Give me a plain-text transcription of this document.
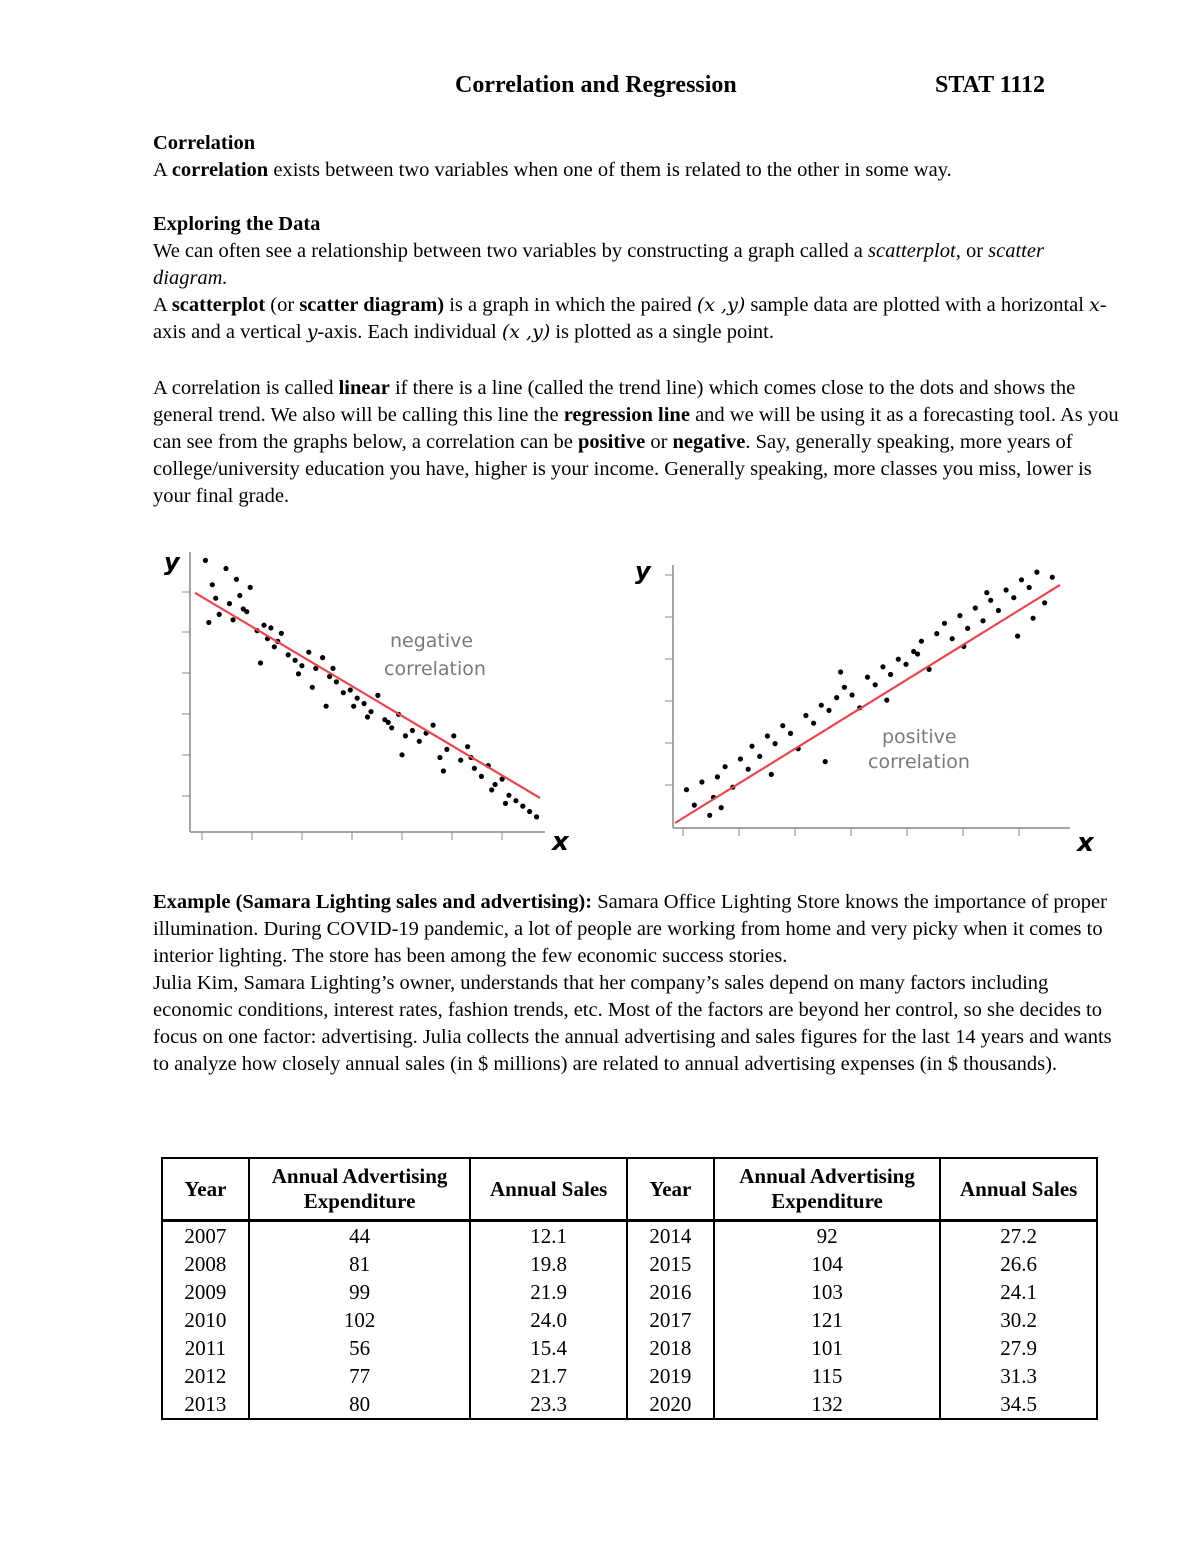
Correlation and Regression	STAT 1112

Correlation

A correlation exists between two variables when one of them is related to the other in some way.

Exploring the Data

We can often see a relationship between two variables by constructing a graph called a scatterplot, or scatter diagram.

A scatterplot (or scatter diagram) is a graph in which the paired (x ,y) sample data are plotted with a horizontal x-axis and a vertical y-axis. Each individual (x ,y) is plotted as a single point.

A correlation is called linear if there is a line (called the trend line) which comes close to the dots and shows the general trend. We also will be calling this line the regression line and we will be using it as a forecasting tool. As you can see from the graphs below, a correlation can be positive or negative. Say, generally speaking, more years of college/university education you have, higher is your income. Generally speaking, more classes you miss, lower is your final grade.

y
negative
correlation
x
y
positive
correlation
x

Example (Samara Lighting sales and advertising): Samara Office Lighting Store knows the importance of proper illumination. During COVID-19 pandemic, a lot of people are working from home and very picky when it comes to interior lighting. The store has been among the few economic success stories.

Julia Kim, Samara Lighting’s owner, understands that her company’s sales depend on many factors including economic conditions, interest rates, fashion trends, etc. Most of the factors are beyond her control, so she decides to focus on one factor: advertising. Julia collects the annual advertising and sales figures for the last 14 years and wants to analyze how closely annual sales (in $ millions) are related to annual advertising expenses (in $ thousands).

Year	Annual Advertising Expenditure	Annual Sales	Year	Annual Advertising Expenditure	Annual Sales
2007	44	12.1	2014	92	27.2
2008	81	19.8	2015	104	26.6
2009	99	21.9	2016	103	24.1
2010	102	24.0	2017	121	30.2
2011	56	15.4	2018	101	27.9
2012	77	21.7	2019	115	31.3
2013	80	23.3	2020	132	34.5
